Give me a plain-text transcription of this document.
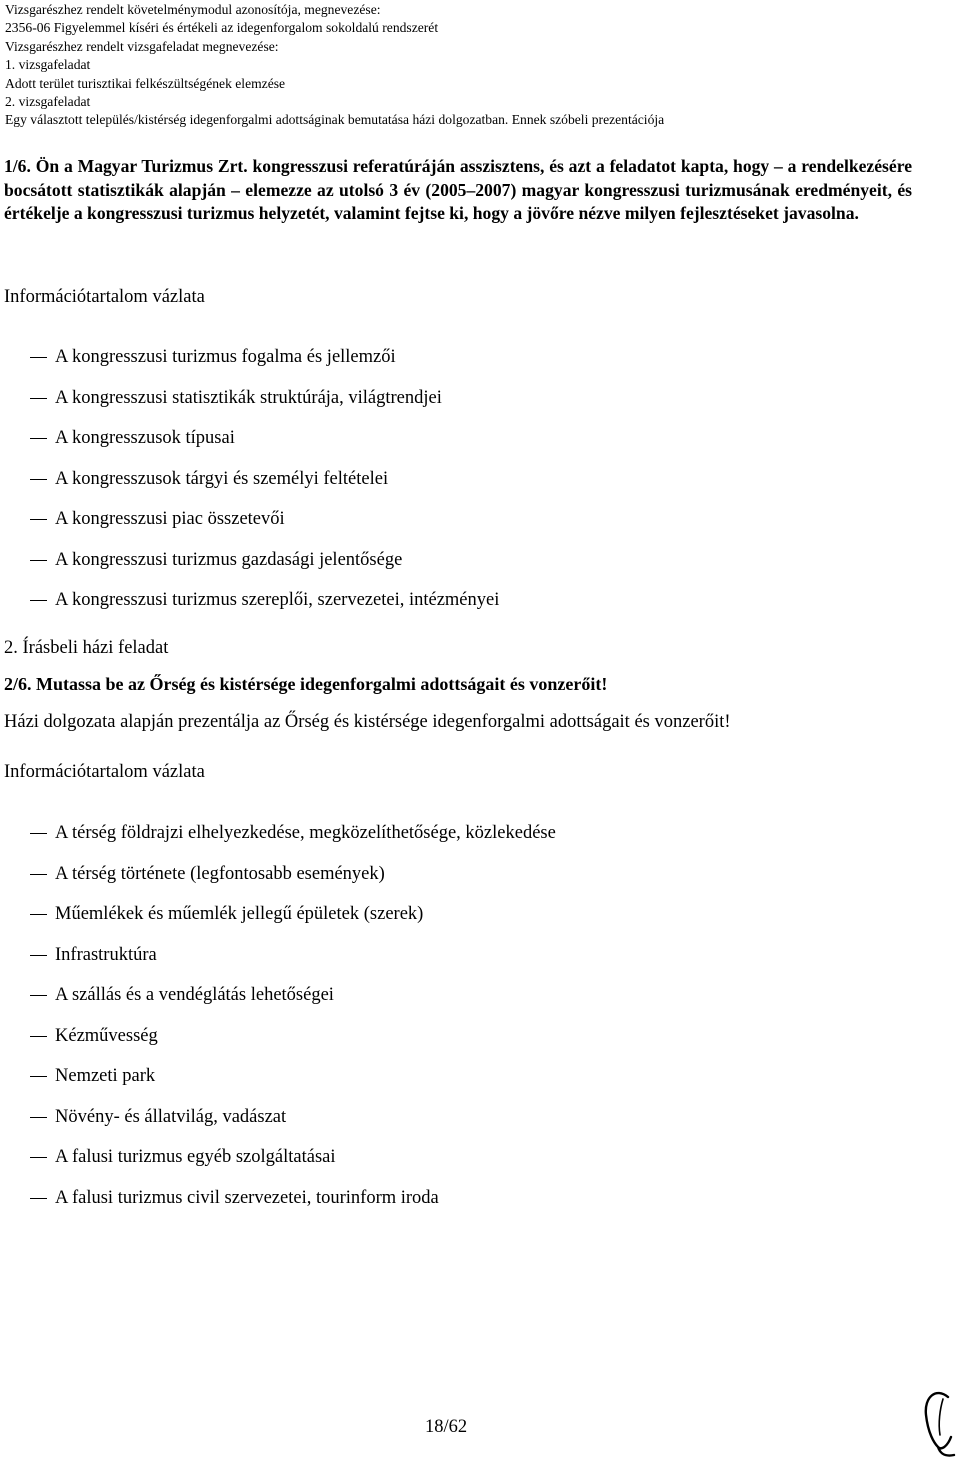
Vizsgarészhez rendelt követelménymodul azonosítója, megnevezése:
2356-06 Figyelemmel kíséri és értékeli az idegenforgalom sokoldalú rendszerét
Vizsgarészhez rendelt vizsgafeladat megnevezése:
1. vizsgafeladat
Adott terület turisztikai felkészültségének elemzése
2. vizsgafeladat
Egy választott település/kistérség idegenforgalmi adottságinak bemutatása házi dolgozatban. Ennek szóbeli prezentációja
1/6. Ön a Magyar Turizmus Zrt. kongresszusi referatúráján asszisztens, és azt a feladatot kapta, hogy – a rendelkezésére bocsátott statisztikák alapján – elemezze az utolsó 3 év (2005–2007) magyar kongresszusi turizmusának eredményeit, és értékelje a kongresszusi turizmus helyzetét, valamint fejtse ki, hogy a jövőre nézve milyen fejlesztéseket javasolna.
Információtartalom vázlata
A kongresszusi turizmus fogalma és jellemzői
A kongresszusi statisztikák struktúrája, világtrendjei
A kongresszusok típusai
A kongresszusok tárgyi és személyi feltételei
A kongresszusi piac összetevői
A kongresszusi turizmus gazdasági jelentősége
A kongresszusi turizmus szereplői, szervezetei, intézményei
2. Írásbeli házi feladat
2/6. Mutassa be az Őrség és kistérsége idegenforgalmi adottságait és vonzerőit!
Házi dolgozata alapján prezentálja az Őrség és kistérsége idegenforgalmi adottságait és vonzerőit!
Információtartalom vázlata
A térség földrajzi elhelyezkedése, megközelíthetősége, közlekedése
A térség története (legfontosabb események)
Műemlékek és műemlék jellegű épületek (szerek)
Infrastruktúra
A szállás és a vendéglátás lehetőségei
Kézművesség
Nemzeti park
Növény- és állatvilág, vadászat
A falusi turizmus egyéb szolgáltatásai
A falusi turizmus civil szervezetei, tourinform iroda
18/62
